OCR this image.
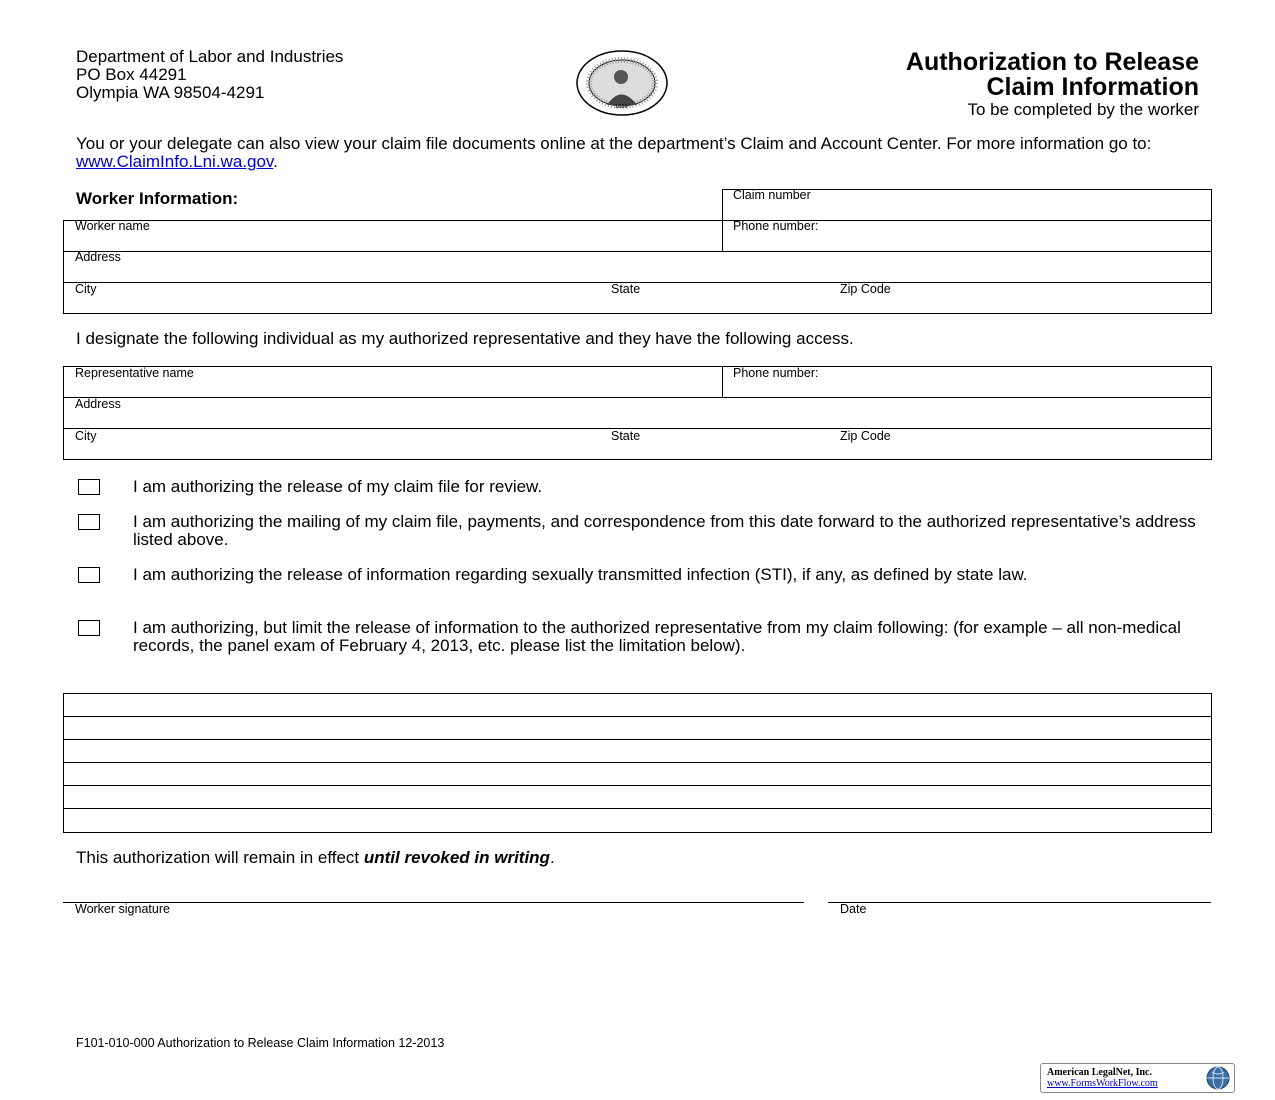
Department of Labor and Industries
PO Box 44291
Olympia WA 98504-4291
1889
Authorization to Release
Claim Information
To be completed by the worker
You or your delegate can also view your claim file documents online at the department’s Claim and Account Center. For more information go to: www.ClaimInfo.Lni.wa.gov.
Worker Information:	Claim number
Worker name	Phone number:
Address
City	State	Zip Code
I designate the following individual as my authorized representative and they have the following access.
Representative name	Phone number:
Address
City	State	Zip Code
I am authorizing the release of my claim file for review.
I am authorizing the mailing of my claim file, payments, and correspondence from this date forward to the authorized representative’s address listed above.
I am authorizing the release of information regarding sexually transmitted infection (STI), if any, as defined by state law.
I am authorizing, but limit the release of information to the authorized representative from my claim following: (for example – all non-medical records, the panel exam of February 4, 2013, etc. please list the limitation below).
This authorization will remain in effect until revoked in writing.
Worker signature	Date
F101-010-000 Authorization to Release Claim Information 12-2013
American LegalNet, Inc.
www.FormsWorkFlow.com
